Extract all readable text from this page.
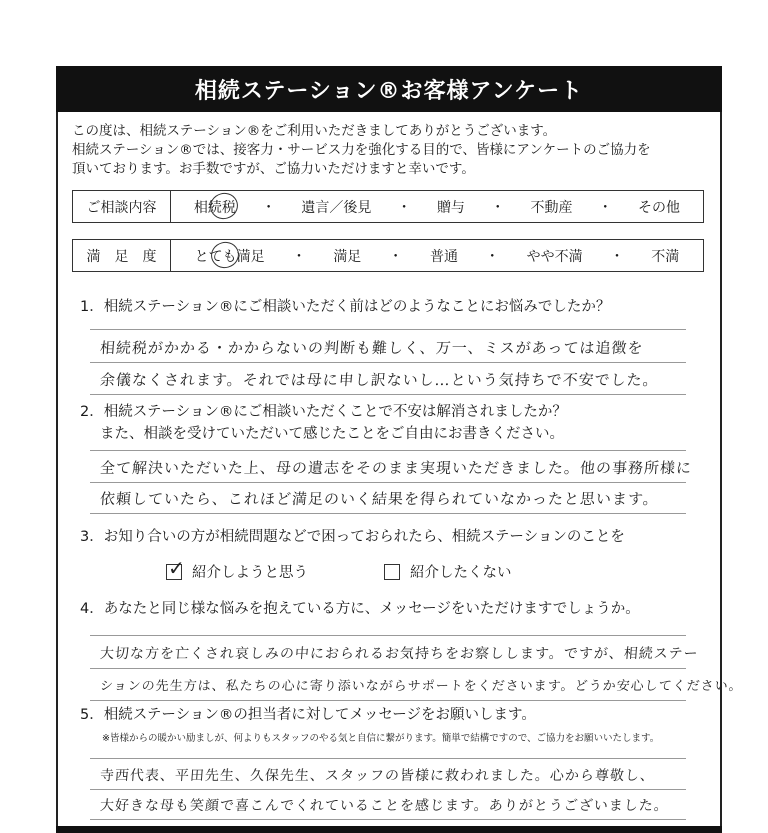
相続ステーション®お客様アンケート
この度は、相続ステーション®をご利用いただきましてありがとうございます。
相続ステーション®では、接客力・サービス力を強化する目的で、皆様にアンケートのご協力を
頂いております。お手数ですが、ご協力いただけますと幸いです。
ご相談内容	相続税 ・ 遺言／後見 ・ 贈与 ・ 不動産 ・ その他
満　足　度	とても満足 ・ 満足 ・ 普通 ・ やや不満 ・ 不満
1．相続ステーション®にご相談いただく前はどのようなことにお悩みでしたか？
相続税がかかる・かからないの判断も難しく、万一、ミスがあっては追徴を
余儀なくされます。それでは母に申し訳ないし…という気持ちで不安でした。
2．相続ステーション®にご相談いただくことで不安は解消されましたか？
また、相談を受けていただいて感じたことをご自由にお書きください。
全て解決いただいた上、母の遺志をそのまま実現いただきました。他の事務所様に
依頼していたら、これほど満足のいく結果を得られていなかったと思います。
3．お知り合いの方が相続問題などで困っておられたら、相続ステーションのことを
✓
紹介しようと思う	紹介したくない
4．あなたと同じ様な悩みを抱えている方に、メッセージをいただけますでしょうか。
大切な方を亡くされ哀しみの中におられるお気持ちをお察しします。ですが、相続ステー
ションの先生方は、私たちの心に寄り添いながらサポートをくださいます。どうか安心してください。
5．相続ステーション®の担当者に対してメッセージをお願いします。
※皆様からの暖かい励ましが、何よりもスタッフのやる気と自信に繋がります。簡単で結構ですので、ご協力をお願いいたします。
寺西代表、平田先生、久保先生、スタッフの皆様に救われました。心から尊敬し、
大好きな母も笑顔で喜こんでくれていることを感じます。ありがとうございました。
